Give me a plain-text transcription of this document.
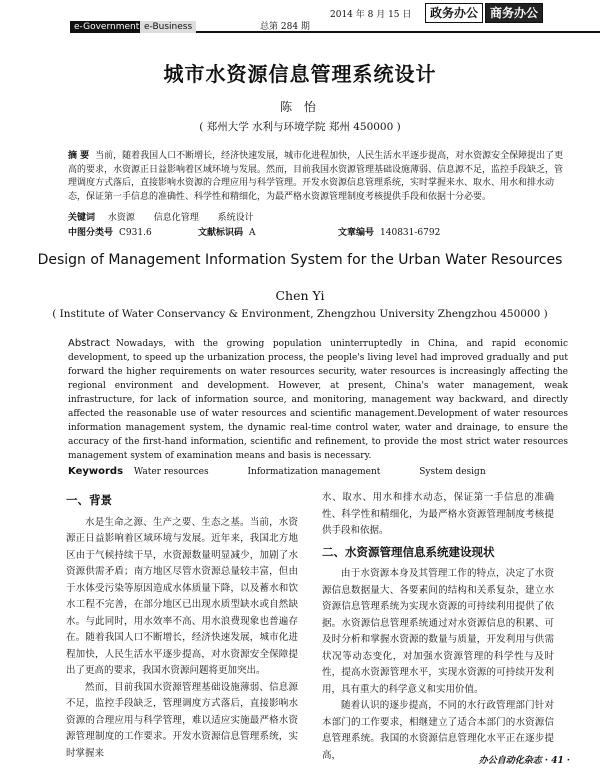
2014 年 8 月 15 日	政务办公	商务办公
e-Government e-Business	总第 284 期
城市水资源信息管理系统设计
陈 怡
( 郑州大学 水利与环境学院 郑州 450000 )
摘 要 当前，随着我国人口不断增长，经济快速发展，城市化进程加快，人民生活水平逐步提高，对水资源安全保障提出了更高的要求，水资源正日益影响着区域环境与发展。然而，目前我国水资源管理基础设施薄弱、信息源不足，监控手段缺乏，管理调度方式落后，直接影响水资源的合理应用与科学管理。开发水资源信息管理系统，实时掌握来水、取水、用水和排水动态，保证第一手信息的准确性、科学性和精细化，为最严格水资源管理制度考核提供手段和依据十分必要。
关键词 水资源 信息化管理 系统设计
中图分类号 C931.6	文献标识码 A	文章编号 140831-6792
Design of Management Information System for the Urban Water Resources
Chen Yi
( Institute of Water Conservancy & Environment, Zhengzhou University Zhengzhou 450000 )
Abstract Nowadays, with the growing population uninterruptedly in China, and rapid economic development, to speed up the urbanization process, the people's living level had improved gradually and put forward the higher requirements on water resources security, water resources is increasingly affecting the regional environment and development. However, at present, China's water management, weak infrastructure, for lack of information source, and monitoring, management way backward, and directly affected the reasonable use of water resources and scientific management.Development of water resources information management system, the dynamic real-time control water, water and drainage, to ensure the accuracy of the first-hand information, scientific and refinement, to provide the most strict water resources management system of examination means and basis is necessary.
Keywords Water resources	Informatization management	System design
一、背景

水是生命之源、生产之要、生态之基。当前，水资源正日益影响着区域环境与发展。近年来，我国北方地区由于气候持续干旱，水资源数量明显减少，加剧了水资源供需矛盾；南方地区尽管水资源总量较丰富，但由于水体受污染等原因造成水体质量下降，以及蓄水和饮水工程不完善，在部分地区已出现水质型缺水或自然缺水。与此同时，用水效率不高、用水浪费现象也普遍存在。随着我国人口不断增长，经济快速发展，城市化进程加快，人民生活水平逐步提高，对水资源安全保障提出了更高的要求，我国水资源问题将更加突出。

然而，目前我国水资源管理基础设施薄弱、信息源不足，监控手段缺乏，管理调度方式落后，直接影响水资源的合理应用与科学管理，难以适应实施最严格水资源管理制度的工作要求。开发水资源信息管理系统，实时掌握来

水、取水、用水和排水动态，保证第一手信息的准确性、科学性和精细化，为最严格水资源管理制度考核提供手段和依据。

二、水资源管理信息系统建设现状

由于水资源本身及其管理工作的特点，决定了水资源信息数据量大、各要素间的结构和关系复杂，建立水资源信息管理系统为实现水资源的可持续利用提供了依据。水资源信息管理系统通过对水资源信息的积累、可及时分析和掌握水资源的数量与质量，开发利用与供需状况等动态变化，对加强水资源管理的科学性与及时性，提高水资源管理水平，实现水资源的可持续开发利用，具有重大的科学意义和实用价值。

随着认识的逐步提高，不同的水行政管理部门针对本部门的工作要求，相继建立了适合本部门的水资源信息管理系统。我国的水资源信息管理化水平正在逐步提高，

办公自动化杂志 · 41 ·
